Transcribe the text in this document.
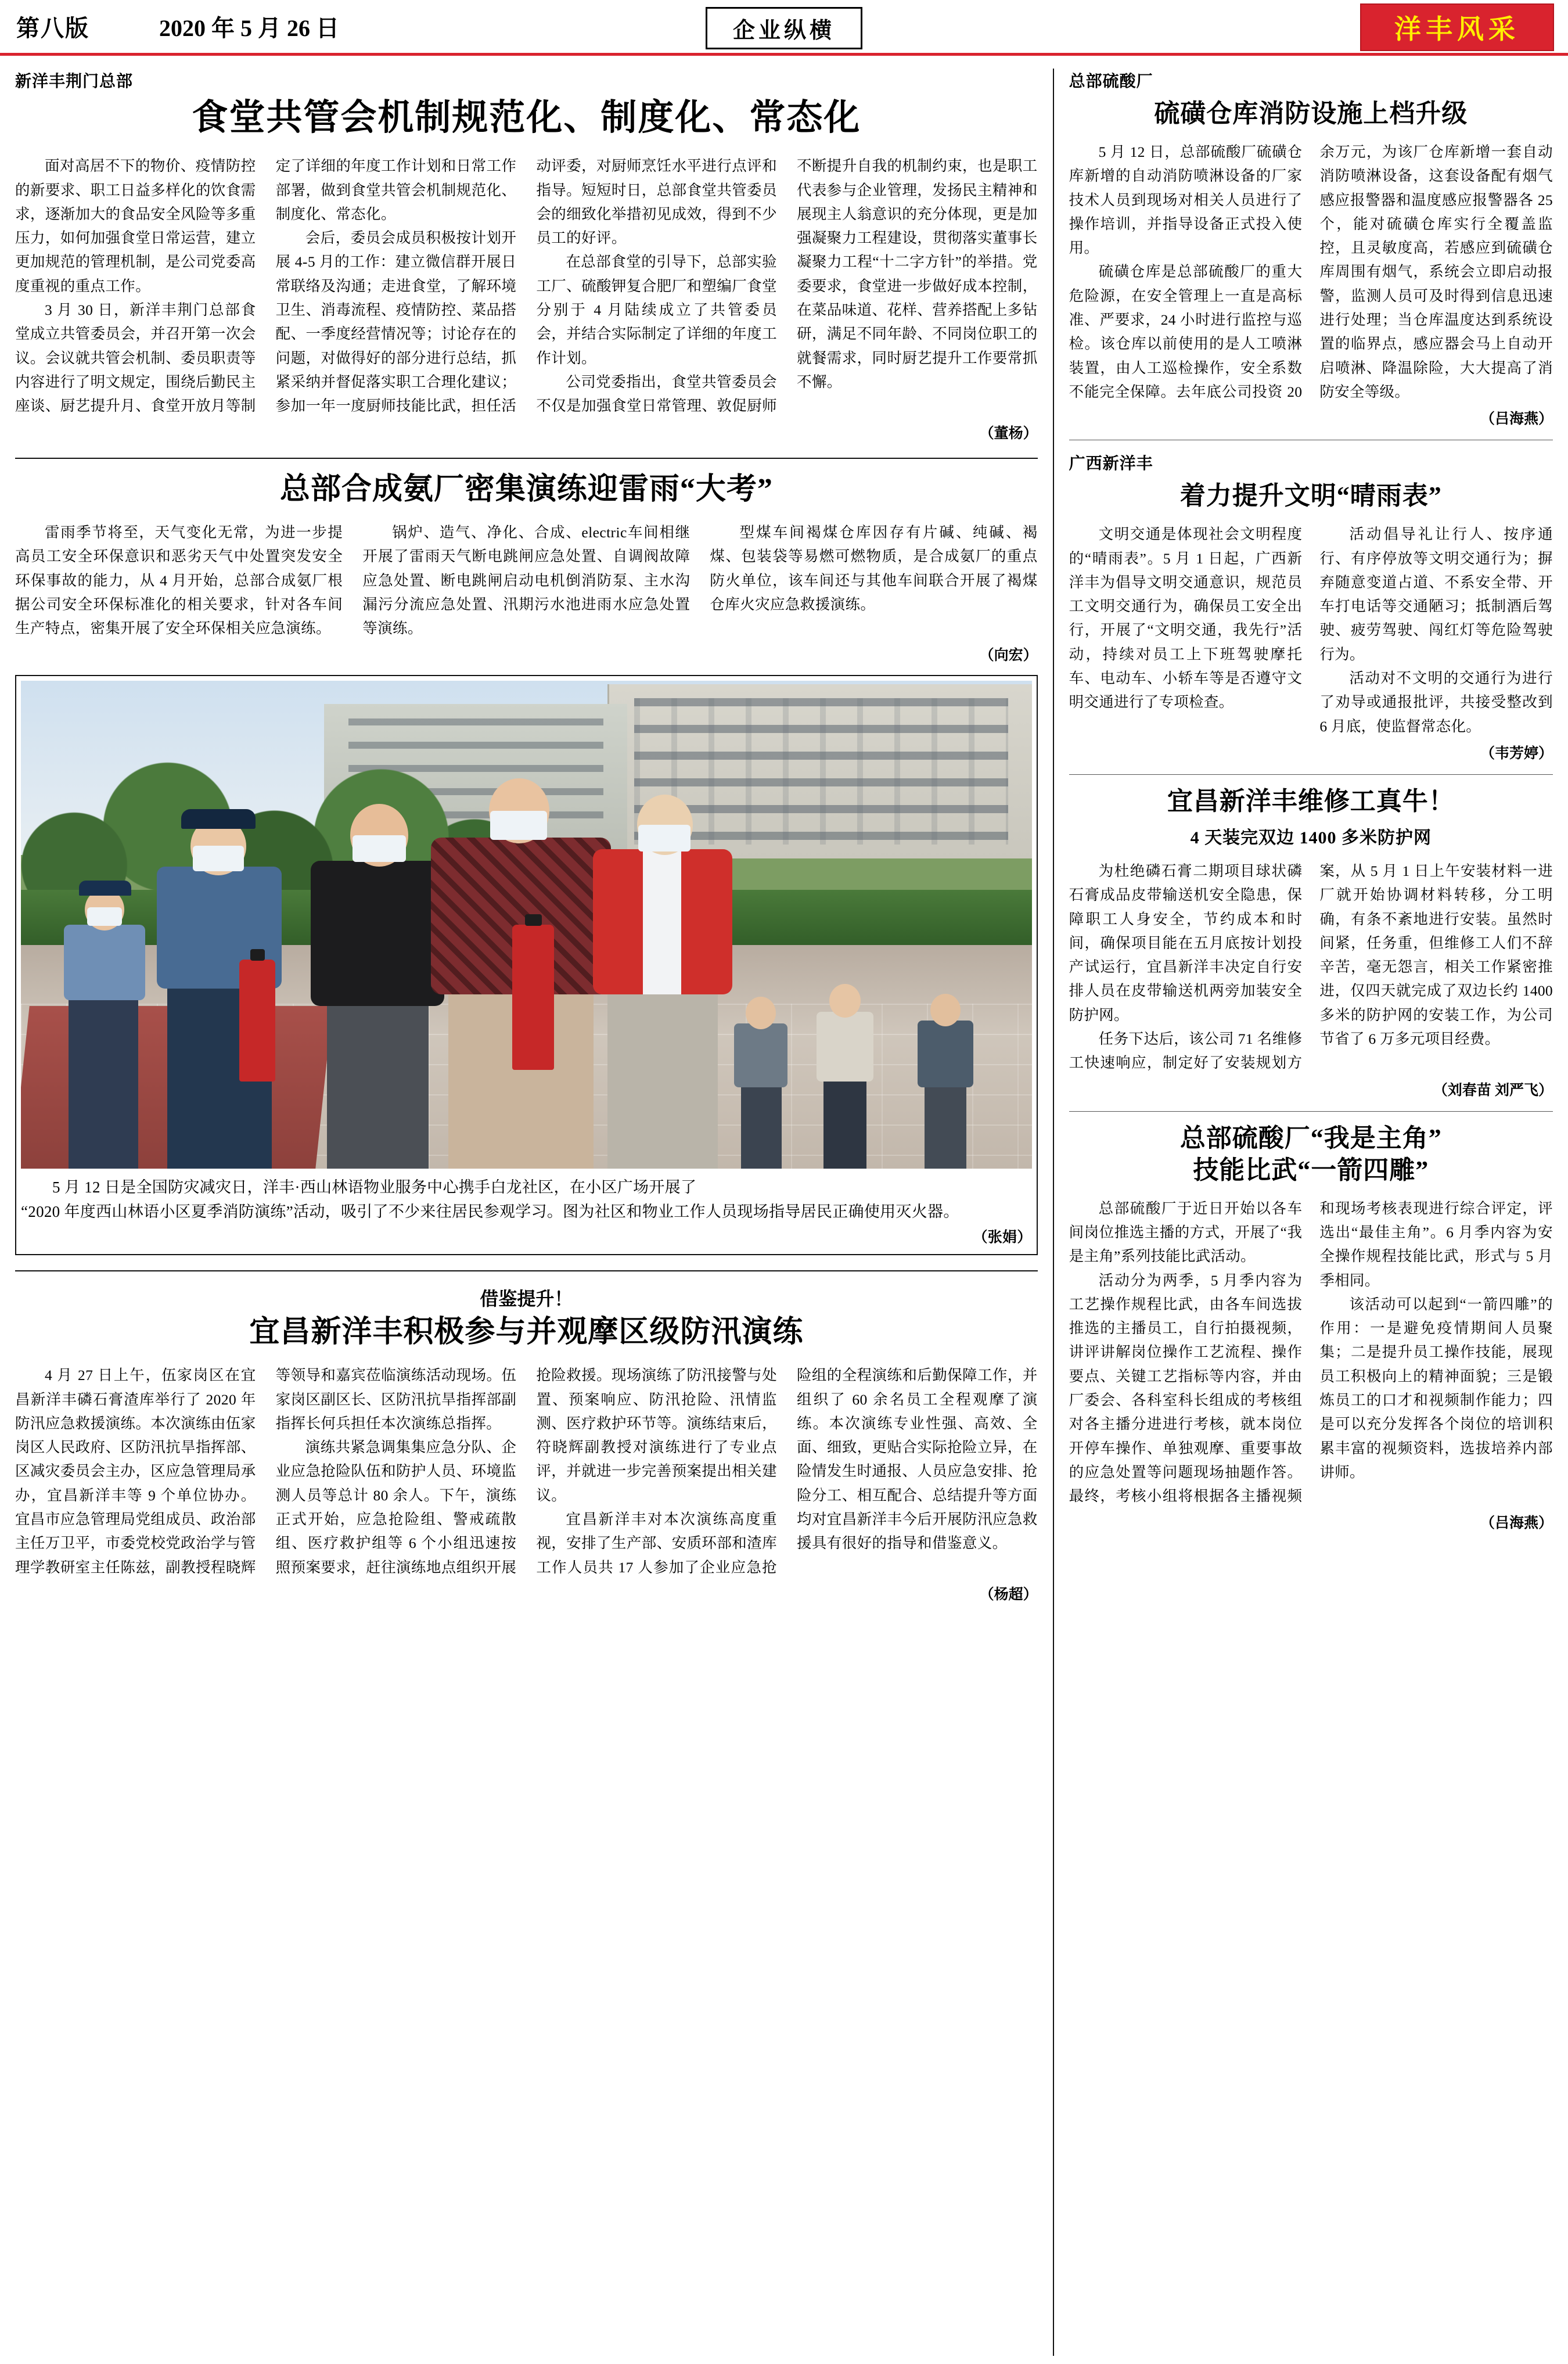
第八版	2020 年 5 月 26 日	企业纵横	洋丰风采
新洋丰荆门总部
食堂共管会机制规范化、制度化、常态化

面对高居不下的物价、疫情防控的新要求、职工日益多样化的饮食需求，逐渐加大的食品安全风险等多重压力，如何加强食堂日常运营，建立更加规范的管理机制，是公司党委高度重视的重点工作。

3 月 30 日，新洋丰荆门总部食堂成立共管委员会，并召开第一次会议。会议就共管会机制、委员职责等内容进行了明文规定，围绕后勤民主座谈、厨艺提升月、食堂开放月等制定了详细的年度工作计划和日常工作部署，做到食堂共管会机制规范化、制度化、常态化。

会后，委员会成员积极按计划开展 4-5 月的工作：建立微信群开展日常联络及沟通；走进食堂，了解环境卫生、消毒流程、疫情防控、菜品搭配、一季度经营情况等；讨论存在的问题，对做得好的部分进行总结，抓紧采纳并督促落实职工合理化建议；参加一年一度厨师技能比武，担任活动评委，对厨师烹饪水平进行点评和指导。短短时日，总部食堂共管委员会的细致化举措初见成效，得到不少员工的好评。

在总部食堂的引导下，总部实验工厂、硫酸钾复合肥厂和塑编厂食堂分别于 4 月陆续成立了共管委员会，并结合实际制定了详细的年度工作计划。

公司党委指出，食堂共管委员会不仅是加强食堂日常管理、敦促厨师不断提升自我的机制约束，也是职工代表参与企业管理，发扬民主精神和展现主人翁意识的充分体现，更是加强凝聚力工程建设，贯彻落实董事长凝聚力工程“十二字方针”的举措。党委要求，食堂进一步做好成本控制，在菜品味道、花样、营养搭配上多钻研，满足不同年龄、不同岗位职工的就餐需求，同时厨艺提升工作要常抓不懈。

（董杨）
总部合成氨厂密集演练迎雷雨“大考”

雷雨季节将至，天气变化无常，为进一步提高员工安全环保意识和恶劣天气中处置突发安全环保事故的能力，从 4 月开始，总部合成氨厂根据公司安全环保标准化的相关要求，针对各车间生产特点，密集开展了安全环保相关应急演练。

锅炉、造气、净化、合成、electric车间相继开展了雷雨天气断电跳闸应急处置、自调阀故障应急处置、断电跳闸启动电机倒消防泵、主水沟漏污分流应急处置、汛期污水池进雨水应急处置等演练。

型煤车间褐煤仓库因存有片碱、纯碱、褐煤、包装袋等易燃可燃物质，是合成氨厂的重点防火单位，该车间还与其他车间联合开展了褐煤仓库火灾应急救援演练。

（向宏）
5 月 12 日是全国防灾减灾日，洋丰·西山林语物业服务中心携手白龙社区，在小区广场开展了
“2020 年度西山林语小区夏季消防演练”活动，吸引了不少来往居民参观学习。图为社区和物业工作人员现场指导居民正确使用灭火器。
（张娟）
借鉴提升！
宜昌新洋丰积极参与并观摩区级防汛演练

4 月 27 日上午，伍家岗区在宜昌新洋丰磷石膏渣库举行了 2020 年防汛应急救援演练。本次演练由伍家岗区人民政府、区防汛抗旱指挥部、区减灾委员会主办，区应急管理局承办，宜昌新洋丰等 9 个单位协办。宜昌市应急管理局党组成员、政治部主任万卫平，市委党校党政治学与管理学教研室主任陈兹，副教授程晓辉等领导和嘉宾莅临演练活动现场。伍家岗区副区长、区防汛抗旱指挥部副指挥长何兵担任本次演练总指挥。

演练共紧急调集集应急分队、企业应急抢险队伍和防护人员、环境监测人员等总计 80 余人。下午，演练正式开始，应急抢险组、警戒疏散组、医疗救护组等 6 个小组迅速按照预案要求，赶往演练地点组织开展抢险救援。现场演练了防汛接警与处置、预案响应、防汛抢险、汛情监测、医疗救护环节等。演练结束后，符晓辉副教授对演练进行了专业点评，并就进一步完善预案提出相关建议。

宜昌新洋丰对本次演练高度重视，安排了生产部、安质环部和渣库工作人员共 17 人参加了企业应急抢险组的全程演练和后勤保障工作，并组织了 60 余名员工全程观摩了演练。本次演练专业性强、高效、全面、细致，更贴合实际抢险立异，在险情发生时通报、人员应急安排、抢险分工、相互配合、总结提升等方面均对宜昌新洋丰今后开展防汛应急救援具有很好的指导和借鉴意义。

（杨超）
总部硫酸厂
硫磺仓库消防设施上档升级

5 月 12 日，总部硫酸厂硫磺仓库新增的自动消防喷淋设备的厂家技术人员到现场对相关人员进行了操作培训，并指导设备正式投入使用。

硫磺仓库是总部硫酸厂的重大危险源，在安全管理上一直是高标准、严要求，24 小时进行监控与巡检。该仓库以前使用的是人工喷淋装置，由人工巡检操作，安全系数不能完全保障。去年底公司投资 20 余万元，为该厂仓库新增一套自动消防喷淋设备，这套设备配有烟气感应报警器和温度感应报警器各 25 个，能对硫磺仓库实行全覆盖监控，且灵敏度高，若感应到硫磺仓库周围有烟气，系统会立即启动报警，监测人员可及时得到信息迅速进行处理；当仓库温度达到系统设置的临界点，感应器会马上自动开启喷淋、降温除险，大大提高了消防安全等级。

（吕海燕）
广西新洋丰
着力提升文明“晴雨表”

文明交通是体现社会文明程度的“晴雨表”。5 月 1 日起，广西新洋丰为倡导文明交通意识，规范员工文明交通行为，确保员工安全出行，开展了“文明交通，我先行”活动，持续对员工上下班驾驶摩托车、电动车、小轿车等是否遵守文明交通进行了专项检查。

活动倡导礼让行人、按序通行、有序停放等文明交通行为；摒弃随意变道占道、不系安全带、开车打电话等交通陋习；抵制酒后驾驶、疲劳驾驶、闯红灯等危险驾驶行为。

活动对不文明的交通行为进行了劝导或通报批评，共接受整改到 6 月底，使监督常态化。

（韦芳婷）
宜昌新洋丰维修工真牛！
4 天装完双边 1400 多米防护网

为杜绝磷石膏二期项目球状磷石膏成品皮带输送机安全隐患，保障职工人身安全，节约成本和时间，确保项目能在五月底按计划投产试运行，宜昌新洋丰决定自行安排人员在皮带输送机两旁加装安全防护网。

任务下达后，该公司 71 名维修工快速响应，制定好了安装规划方案，从 5 月 1 日上午安装材料一进厂就开始协调材料转移，分工明确，有条不紊地进行安装。虽然时间紧，任务重，但维修工人们不辞辛苦，毫无怨言，相关工作紧密推进，仅四天就完成了双边长约 1400 多米的防护网的安装工作，为公司节省了 6 万多元项目经费。

（刘春苗 刘严飞）
总部硫酸厂“我是主角”
技能比武“一箭四雕”

总部硫酸厂于近日开始以各车间岗位推选主播的方式，开展了“我是主角”系列技能比武活动。

活动分为两季，5 月季内容为工艺操作规程比武，由各车间选拔推选的主播员工，自行拍摄视频，讲评讲解岗位操作工艺流程、操作要点、关键工艺指标等内容，并由厂委会、各科室科长组成的考核组对各主播分进进行考核，就本岗位开停车操作、单独观摩、重要事故的应急处置等问题现场抽题作答。最终，考核小组将根据各主播视频和现场考核表现进行综合评定，评选出“最佳主角”。6 月季内容为安全操作规程技能比武，形式与 5 月季相同。

该活动可以起到“一箭四雕”的作用：一是避免疫情期间人员聚集；二是提升员工操作技能，展现员工积极向上的精神面貌；三是锻炼员工的口才和视频制作能力；四是可以充分发挥各个岗位的培训积累丰富的视频资料，选拔培养内部讲师。

（吕海燕）
